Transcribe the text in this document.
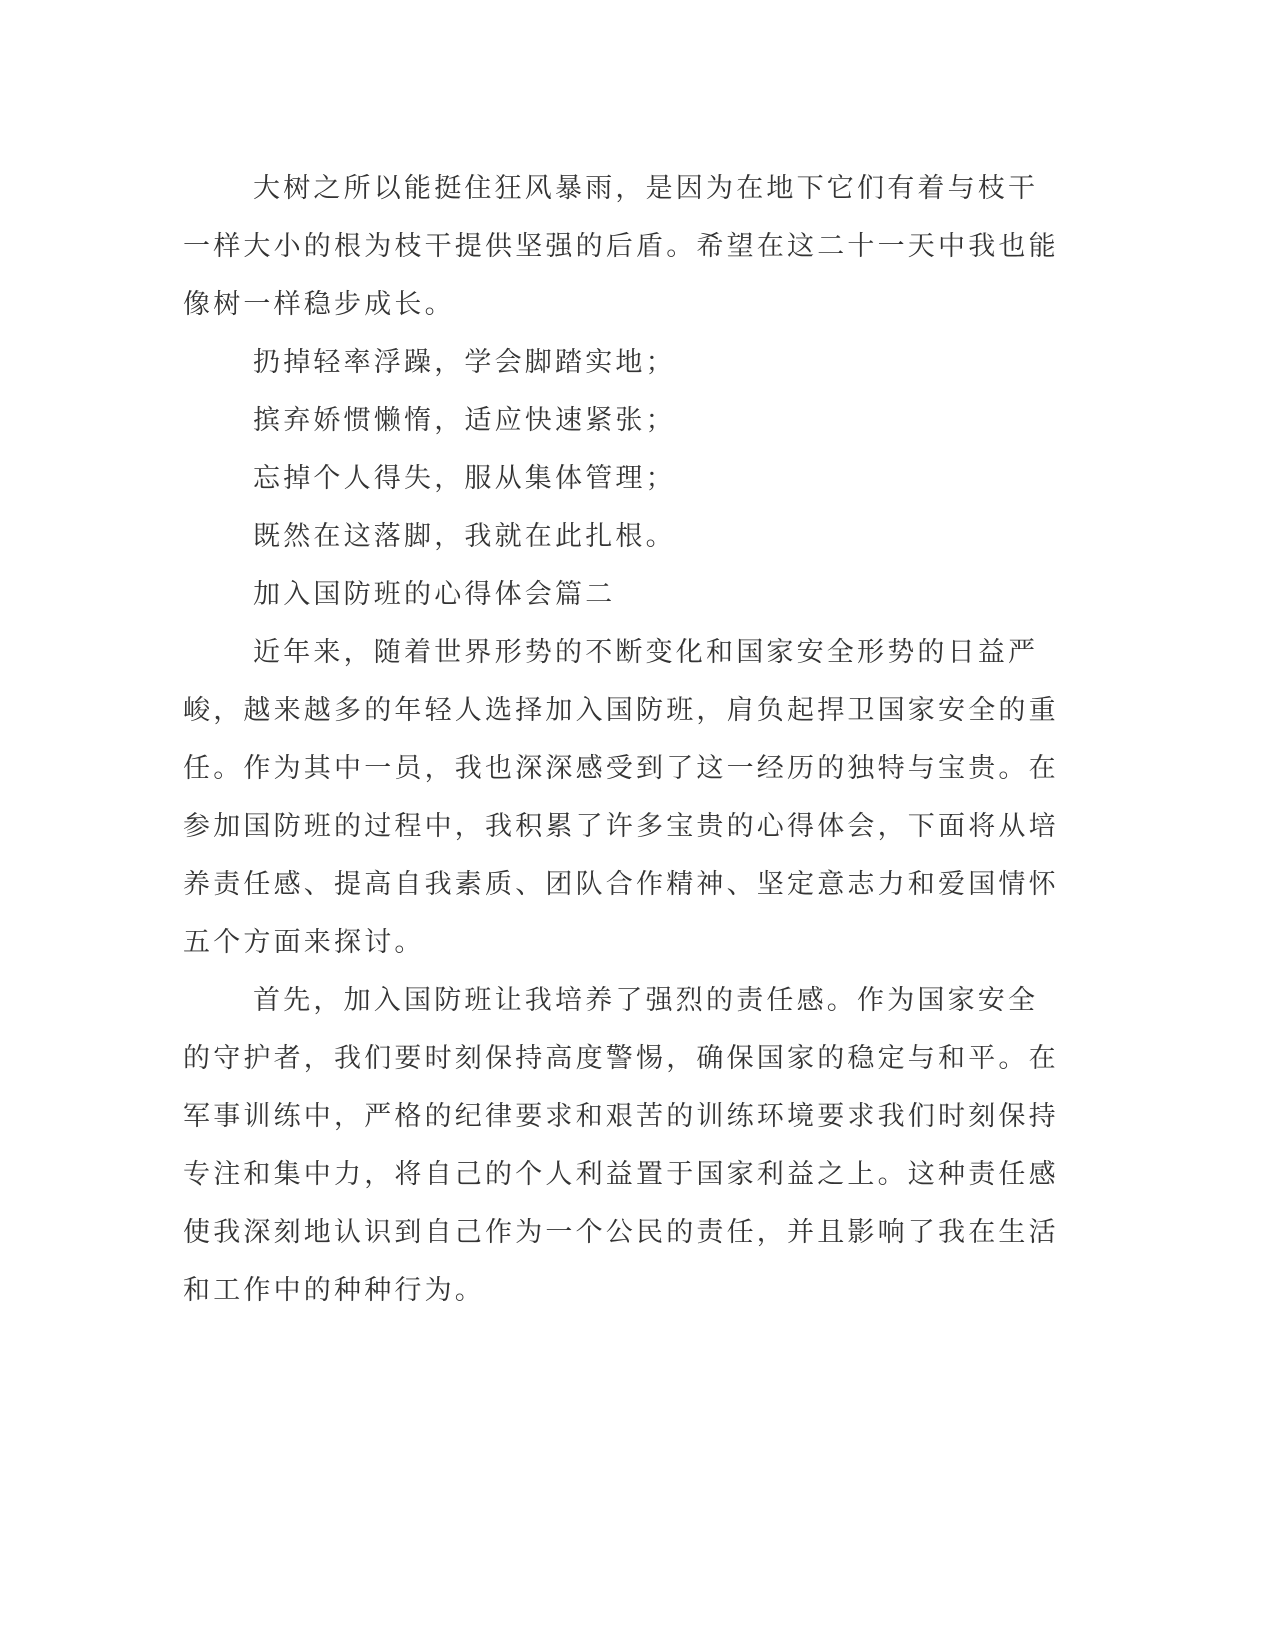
大树之所以能挺住狂风暴雨，是因为在地下它们有着与枝干一样大小的根为枝干提供坚强的后盾。希望在这二十一天中我也能像树一样稳步成长。

扔掉轻率浮躁，学会脚踏实地；

摈弃娇惯懒惰，适应快速紧张；

忘掉个人得失，服从集体管理；

既然在这落脚，我就在此扎根。

加入国防班的心得体会篇二

近年来，随着世界形势的不断变化和国家安全形势的日益严峻，越来越多的年轻人选择加入国防班，肩负起捍卫国家安全的重任。作为其中一员，我也深深感受到了这一经历的独特与宝贵。在参加国防班的过程中，我积累了许多宝贵的心得体会，下面将从培养责任感、提高自我素质、团队合作精神、坚定意志力和爱国情怀五个方面来探讨。

首先，加入国防班让我培养了强烈的责任感。作为国家安全的守护者，我们要时刻保持高度警惕，确保国家的稳定与和平。在军事训练中，严格的纪律要求和艰苦的训练环境要求我们时刻保持专注和集中力，将自己的个人利益置于国家利益之上。这种责任感使我深刻地认识到自己作为一个公民的责任，并且影响了我在生活和工作中的种种行为。
